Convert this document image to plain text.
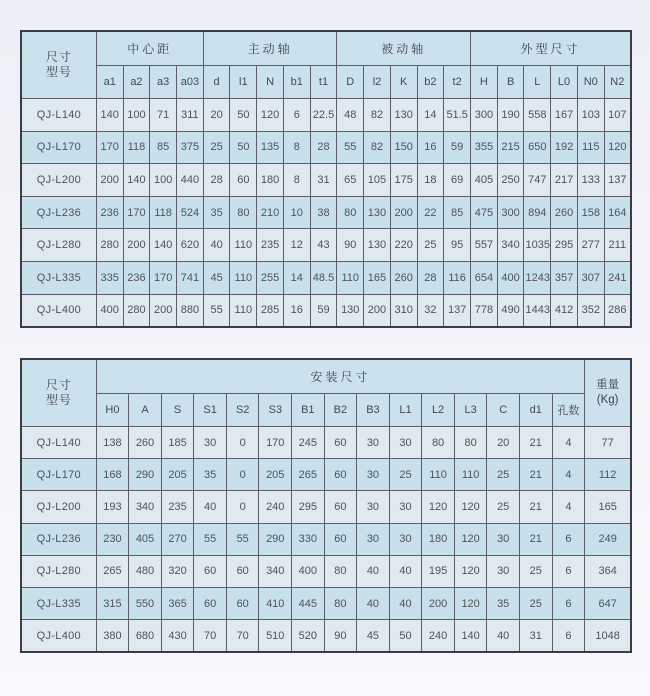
尺寸
型号	中心距				主动轴					被动轴					外型尺寸					
	a1	a2	a3	a03	d	l1	N	b1	t1	D	l2	K	b2	t2	H	B	L	L0	N0	N2
QJ-L140	140	100	71	311	20	50	120	6	22.5	48	82	130	14	51.5	300	190	558	167	103	107
QJ-L170	170	118	85	375	25	50	135	8	28	55	82	150	16	59	355	215	650	192	115	120
QJ-L200	200	140	100	440	28	60	180	8	31	65	105	175	18	69	405	250	747	217	133	137
QJ-L236	236	170	118	524	35	80	210	10	38	80	130	200	22	85	475	300	894	260	158	164
QJ-L280	280	200	140	620	40	110	235	12	43	90	130	220	25	95	557	340	1035	295	277	211
QJ-L335	335	236	170	741	45	110	255	14	48.5	110	165	260	28	116	654	400	1243	357	307	241
QJ-L400	400	280	200	880	55	110	285	16	59	130	200	310	32	137	778	490	1443	412	352	286
尺寸
型号	安装尺寸															重量
(Kg)
	H0	A	S	S1	S2	S3	B1	B2	B3	L1	L2	L3	C	d1	孔数	
QJ-L140	138	260	185	30	0	170	245	60	30	30	80	80	20	21	4	77
QJ-L170	168	290	205	35	0	205	265	60	30	25	110	110	25	21	4	112
QJ-L200	193	340	235	40	0	240	295	60	30	30	120	120	25	21	4	165
QJ-L236	230	405	270	55	55	290	330	60	30	30	180	120	30	21	6	249
QJ-L280	265	480	320	60	60	340	400	80	40	40	195	120	30	25	6	364
QJ-L335	315	550	365	60	60	410	445	80	40	40	200	120	35	25	6	647
QJ-L400	380	680	430	70	70	510	520	90	45	50	240	140	40	31	6	1048
